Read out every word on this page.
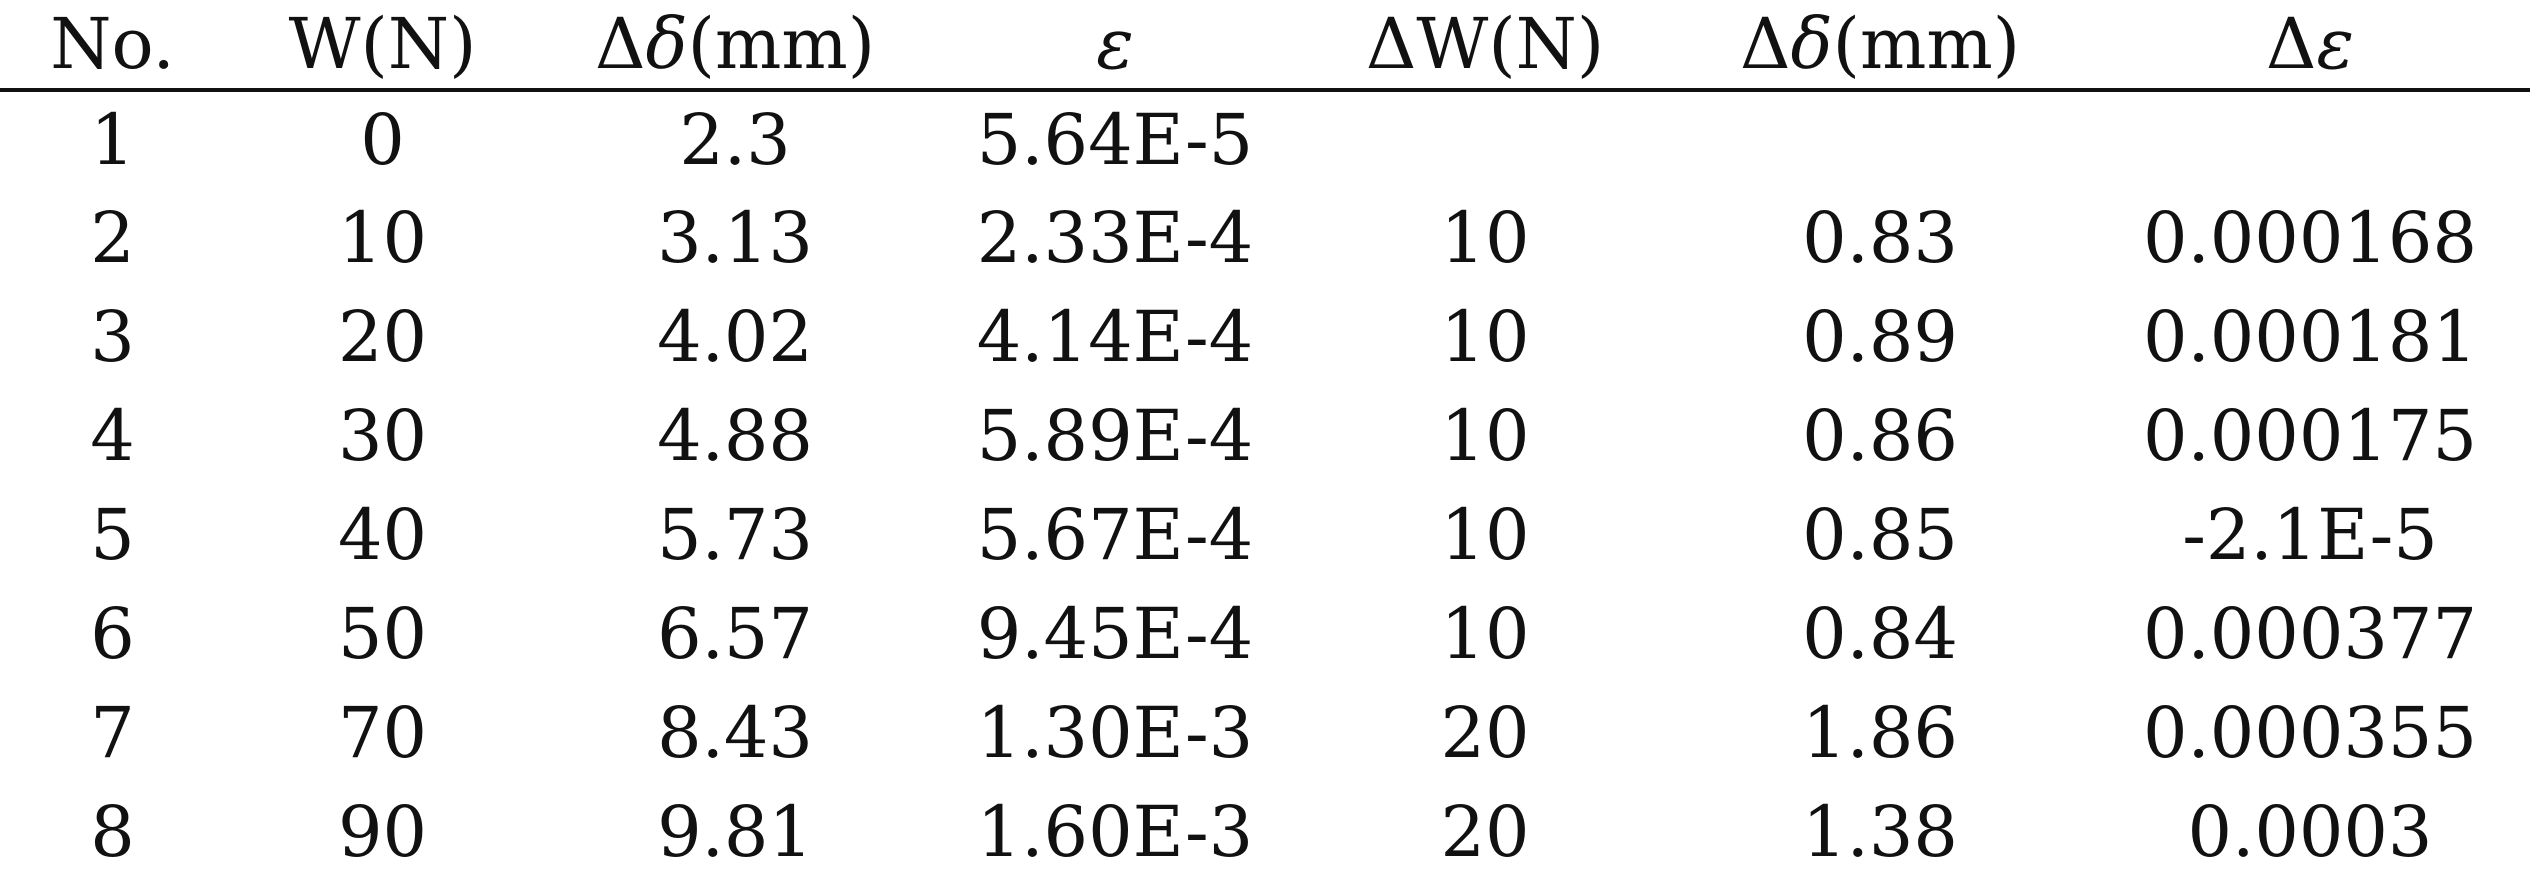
No.	W(N)	Δδ(mm)	ε	ΔW(N)	Δδ(mm)	Δε
1	0	2.3	5.64E-5			
2	10	3.13	2.33E-4	10	0.83	0.000168
3	20	4.02	4.14E-4	10	0.89	0.000181
4	30	4.88	5.89E-4	10	0.86	0.000175
5	40	5.73	5.67E-4	10	0.85	-2.1E-5
6	50	6.57	9.45E-4	10	0.84	0.000377
7	70	8.43	1.30E-3	20	1.86	0.000355
8	90	9.81	1.60E-3	20	1.38	0.0003
